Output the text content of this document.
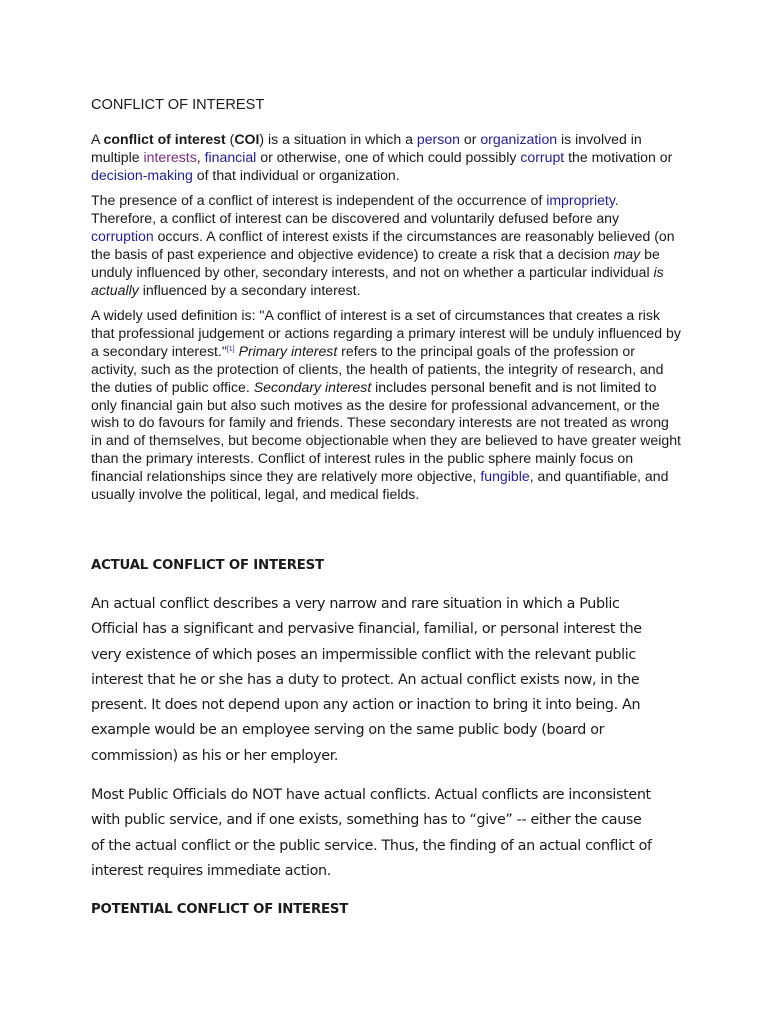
CONFLICT OF INTEREST

A conflict of interest (COI) is a situation in which a person or organization is involved in multiple interests, financial or otherwise, one of which could possibly corrupt the motivation or decision-making of that individual or organization.

The presence of a conflict of interest is independent of the occurrence of impropriety. Therefore, a conflict of interest can be discovered and voluntarily defused before any corruption occurs. A conflict of interest exists if the circumstances are reasonably believed (on the basis of past experience and objective evidence) to create a risk that a decision may be unduly influenced by other, secondary interests, and not on whether a particular individual is actually influenced by a secondary interest.

A widely used definition is: "A conflict of interest is a set of circumstances that creates a risk that professional judgement or actions regarding a primary interest will be unduly influenced by a secondary interest."[1] Primary interest refers to the principal goals of the profession or activity, such as the protection of clients, the health of patients, the integrity of research, and the duties of public office. Secondary interest includes personal benefit and is not limited to only financial gain but also such motives as the desire for professional advancement, or the wish to do favours for family and friends. These secondary interests are not treated as wrong in and of themselves, but become objectionable when they are believed to have greater weight than the primary interests. Conflict of interest rules in the public sphere mainly focus on financial relationships since they are relatively more objective, fungible, and quantifiable, and usually involve the political, legal, and medical fields.

ACTUAL CONFLICT OF INTEREST

An actual conflict describes a very narrow and rare situation in which a Public
Official has a significant and pervasive financial, familial, or personal interest the
very existence of which poses an impermissible conflict with the relevant public
interest that he or she has a duty to protect. An actual conflict exists now, in the
present. It does not depend upon any action or inaction to bring it into being. An
example would be an employee serving on the same public body (board or
commission) as his or her employer.

Most Public Officials do NOT have actual conflicts. Actual conflicts are inconsistent
with public service, and if one exists, something has to “give” -- either the cause
of the actual conflict or the public service. Thus, the finding of an actual conflict of
interest requires immediate action.

POTENTIAL CONFLICT OF INTEREST
